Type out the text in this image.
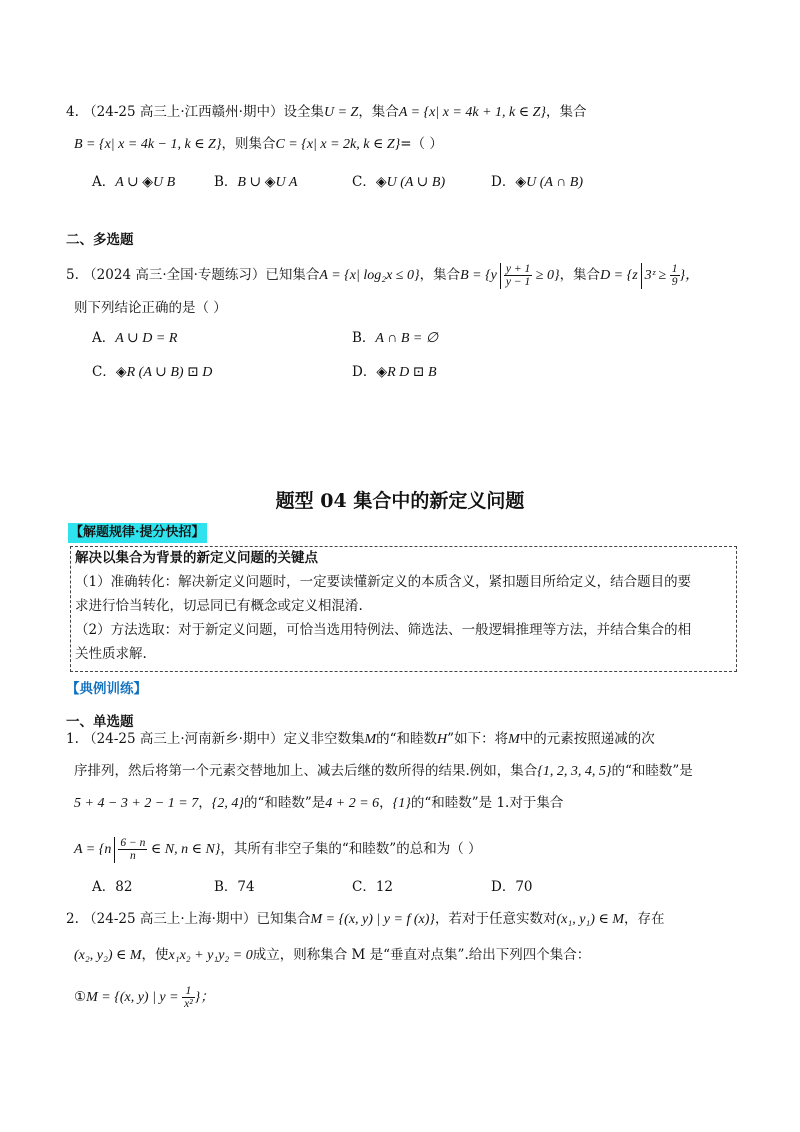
4. （24-25 高三上·江西赣州·期中）设全集U = Z，集合A = {x| x = 4k + 1, k ∈ Z}，集合
B = {x| x = 4k − 1, k ∈ Z}，则集合C = {x| x = 2k, k ∈ Z}=（ ）
A．A ∪ ◈U B	B．B ∪ ◈U A	C．◈U (A ∪ B)	D．◈U (A ∩ B)
二、多选题
5. （2024 高三·全国·专题练习）已知集合A = {x| log₂x ≤ 0}，集合$B = \{y \frac{y + 1}{y - 1} \ge 0\}$，集合D = {z 3ᶻ ≥ $\frac{1}{9}$ }，
则下列结论正确的是（ ）
A．A ∪ D = R	B．A ∩ B = ∅
C．◈R (A ∪ B) ⊡ D	D．◈R D ⊡ B
题型 04 集合中的新定义问题
【解题规律·提分快招】
解决以集合为背景的新定义问题的关键点
（1）准确转化：解决新定义问题时，一定要读懂新定义的本质含义，紧扣题目所给定义，结合题目的要
求进行恰当转化，切忌同已有概念或定义相混淆.
（2）方法选取：对于新定义问题，可恰当选用特例法、筛选法、一般逻辑推理等方法，并结合集合的相
关性质求解.
【典例训练】
一、单选题
1. （24-25 高三上·河南新乡·期中）定义非空数集M的“和睦数H”如下：将M中的元素按照递减的次
序排列，然后将第一个元素交替地加上、减去后继的数所得的结果.例如，集合{1, 2, 3, 4, 5}的“和睦数”是
5 + 4 − 3 + 2 − 1 = 7，{2, 4}的“和睦数”是4 + 2 = 6，{1}的“和睦数”是 1.对于集合
$A = \{n \frac{6 - n}{n}$ ∈ N, n ∈ N}，其所有非空子集的“和睦数”的总和为（ ）
A．82	B．74	C．12	D．70
2. （24-25 高三上·上海·期中）已知集合M = {(x, y) | y = f (x)}，若对于任意实数对(x₁, y₁) ∈ M，存在
(x₂, y₂) ∈ M，使x₁x₂ + y₁y₂ = 0成立，则称集合 M 是“垂直对点集”.给出下列四个集合：
①M = {(x, y) | $y = \frac{1}{\text{x²}}$ }；
